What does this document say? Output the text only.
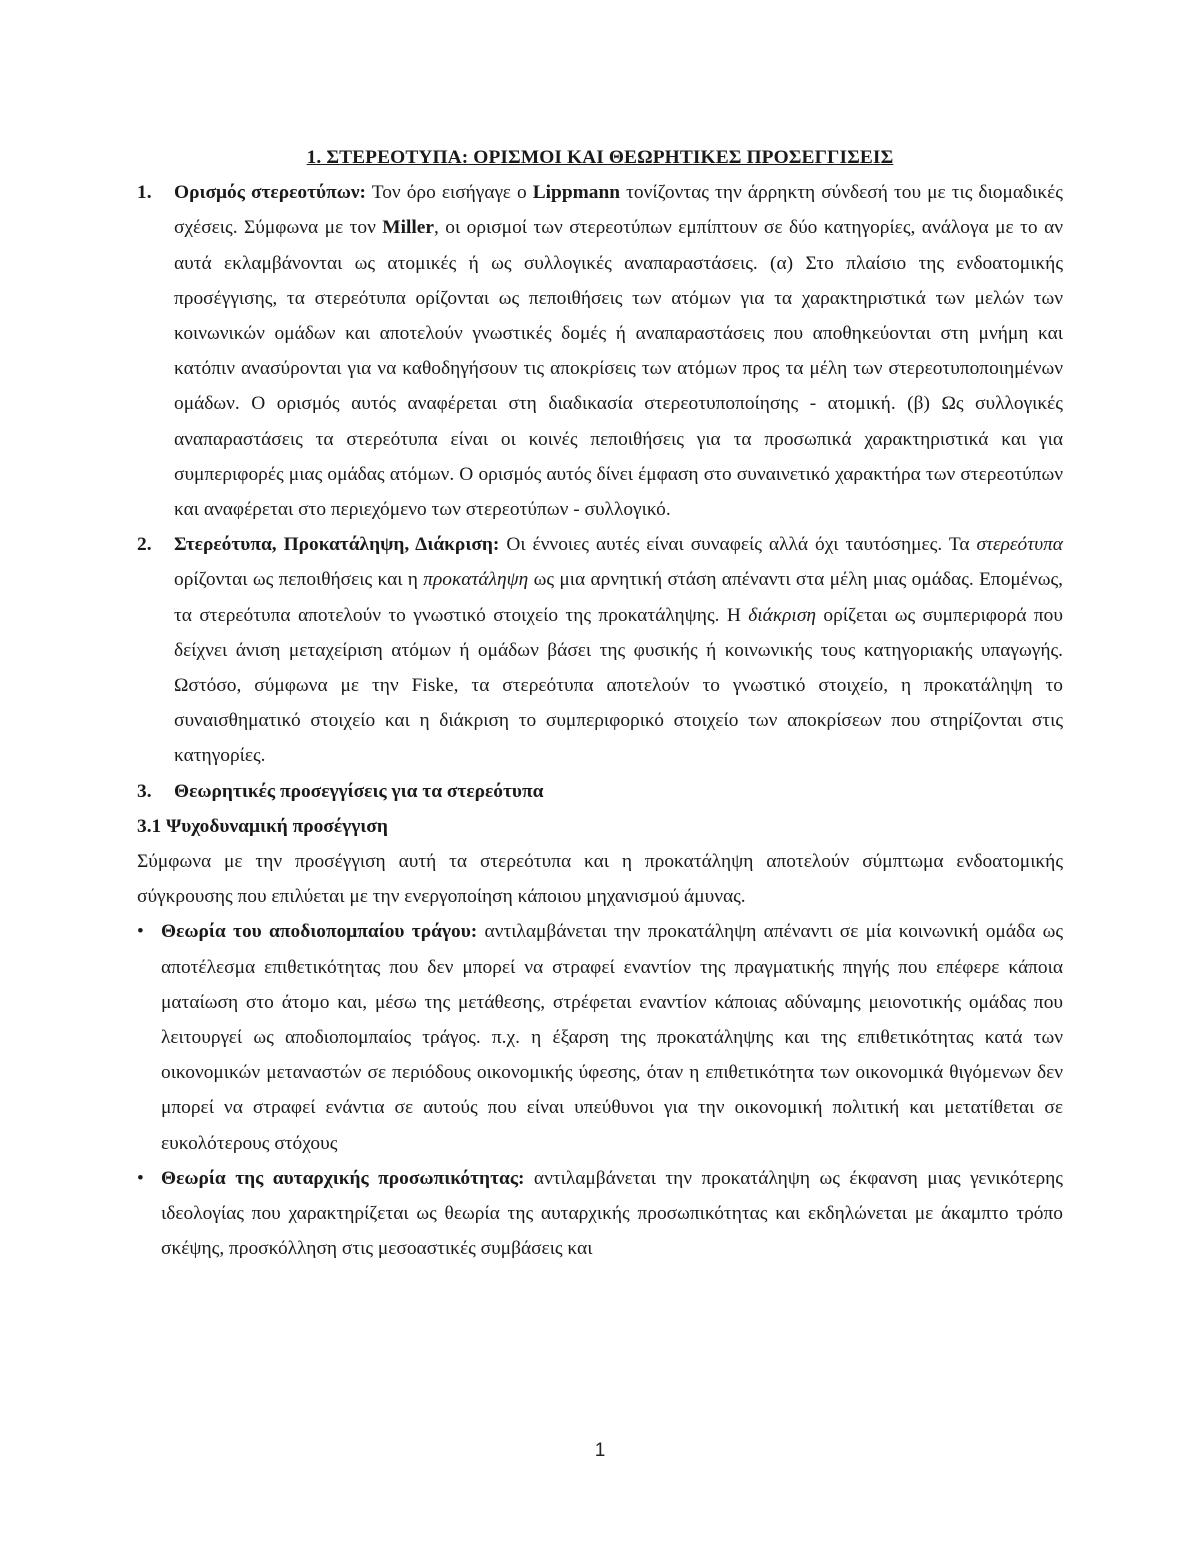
1. ΣΤΕΡΕΟΤΥΠΑ: ΟΡΙΣΜΟΙ ΚΑΙ ΘΕΩΡΗΤΙΚΕΣ ΠΡΟΣΕΓΓΙΣΕΙΣ
1. Ορισμός στερεοτύπων: Τον όρο εισήγαγε ο Lippmann τονίζοντας την άρρηκτη σύνδεσή του με τις διομαδικές σχέσεις. Σύμφωνα με τον Miller, οι ορισμοί των στερεοτύπων εμπίπτουν σε δύο κατηγορίες, ανάλογα με το αν αυτά εκλαμβάνονται ως ατομικές ή ως συλλογικές αναπαραστάσεις. (α) Στο πλαίσιο της ενδοατομικής προσέγγισης, τα στερεότυπα ορίζονται ως πεποιθήσεις των ατόμων για τα χαρακτηριστικά των μελών των κοινωνικών ομάδων και αποτελούν γνωστικές δομές ή αναπαραστάσεις που αποθηκεύονται στη μνήμη και κατόπιν ανασύρονται για να καθοδηγήσουν τις αποκρίσεις των ατόμων προς τα μέλη των στερεοτυποποιημένων ομάδων. Ο ορισμός αυτός αναφέρεται στη διαδικασία στερεοτυποποίησης - ατομική. (β) Ως συλλογικές αναπαραστάσεις τα στερεότυπα είναι οι κοινές πεποιθήσεις για τα προσωπικά χαρακτηριστικά και για συμπεριφορές μιας ομάδας ατόμων. Ο ορισμός αυτός δίνει έμφαση στο συναινετικό χαρακτήρα των στερεοτύπων και αναφέρεται στο περιεχόμενο των στερεοτύπων - συλλογικό.
2. Στερεότυπα, Προκατάληψη, Διάκριση: Οι έννοιες αυτές είναι συναφείς αλλά όχι ταυτόσημες. Τα στερεότυπα ορίζονται ως πεποιθήσεις και η προκατάληψη ως μια αρνητική στάση απέναντι στα μέλη μιας ομάδας. Επομένως, τα στερεότυπα αποτελούν το γνωστικό στοιχείο της προκατάληψης. Η διάκριση ορίζεται ως συμπεριφορά που δείχνει άνιση μεταχείριση ατόμων ή ομάδων βάσει της φυσικής ή κοινωνικής τους κατηγοριακής υπαγωγής. Ωστόσο, σύμφωνα με την Fiske, τα στερεότυπα αποτελούν το γνωστικό στοιχείο, η προκατάληψη το συναισθηματικό στοιχείο και η διάκριση το συμπεριφορικό στοιχείο των αποκρίσεων που στηρίζονται στις κατηγορίες.
3. Θεωρητικές προσεγγίσεις για τα στερεότυπα
3.1 Ψυχοδυναμική προσέγγιση
Σύμφωνα με την προσέγγιση αυτή τα στερεότυπα και η προκατάληψη αποτελούν σύμπτωμα ενδοατομικής σύγκρουσης που επιλύεται με την ενεργοποίηση κάποιου μηχανισμού άμυνας.
• Θεωρία του αποδιοπομπαίου τράγου: αντιλαμβάνεται την προκατάληψη απέναντι σε μία κοινωνική ομάδα ως αποτέλεσμα επιθετικότητας που δεν μπορεί να στραφεί εναντίον της πραγματικής πηγής που επέφερε κάποια ματαίωση στο άτομο και, μέσω της μετάθεσης, στρέφεται εναντίον κάποιας αδύναμης μειονοτικής ομάδας που λειτουργεί ως αποδιοπομπαίος τράγος. π.χ. η έξαρση της προκατάληψης και της επιθετικότητας κατά των οικονομικών μεταναστών σε περιόδους οικονομικής ύφεσης, όταν η επιθετικότητα των οικονομικά θιγόμενων δεν μπορεί να στραφεί ενάντια σε αυτούς που είναι υπεύθυνοι για την οικονομική πολιτική και μετατίθεται σε ευκολότερους στόχους
• Θεωρία της αυταρχικής προσωπικότητας: αντιλαμβάνεται την προκατάληψη ως έκφανση μιας γενικότερης ιδεολογίας που χαρακτηρίζεται ως θεωρία της αυταρχικής προσωπικότητας και εκδηλώνεται με άκαμπτο τρόπο σκέψης, προσκόλληση στις μεσοαστικές συμβάσεις και
1
